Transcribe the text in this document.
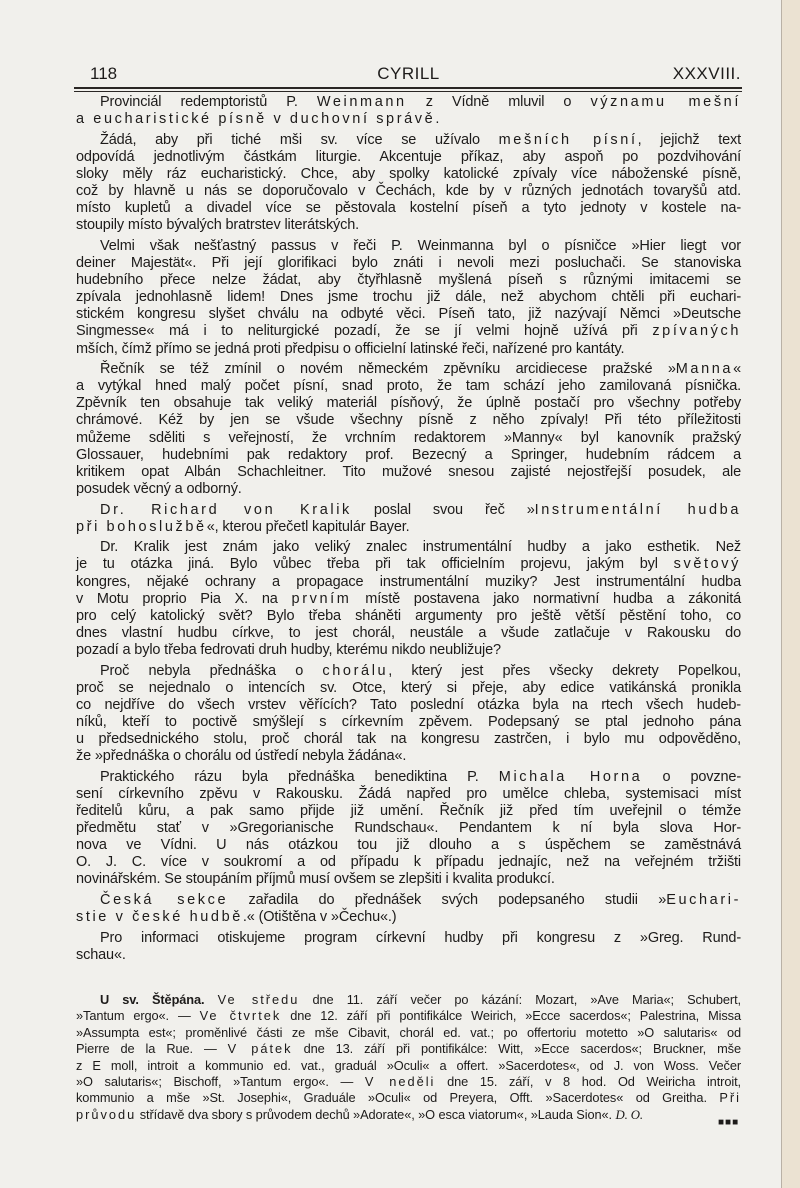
118	CYRILL	XXXVIII.
Provinciál redemptoristů P. Weinmann z Vídně mluvil o významu mešní
a eucharistické písně v duchovní správě.
Žádá, aby při tiché mši sv. více se užívalo mešních písní, jejichž text
odpovídá jednotlivým částkám liturgie. Akcentuje příkaz, aby aspoň po pozdvihování
sloky měly ráz eucharistický. Chce, aby spolky katolické zpívaly více náboženské písně,
což by hlavně u nás se doporučovalo v Čechách, kde by v různých jednotách tovaryšů atd.
místo kupletů a divadel více se pěstovala kostelní píseň a tyto jednoty v kostele na-
stoupily místo bývalých bratrstev literátských.
Velmi však nešťastný passus v řeči P. Weinmanna byl o písničce »Hier liegt vor
deiner Majestät«. Při její glorifikaci bylo znáti i nevoli mezi posluchači. Se stanoviska
hudebního přece nelze žádat, aby čtyřhlasně myšlená píseň s různými imitacemi se
zpívala jednohlasně lidem! Dnes jsme trochu již dále, než abychom chtěli při euchari-
stickém kongresu slyšet chválu na odbyté věci. Píseň tato, již nazývají Němci »Deutsche
Singmesse« má i to neliturgické pozadí, že se jí velmi hojně užívá při zpívaných
mších, čímž přímo se jedná proti předpisu o officielní latinské řeči, nařízené pro kantáty.
Řečník se též zmínil o novém německém zpěvníku arcidiecese pražské »Manna«
a vytýkal hned malý počet písní, snad proto, že tam schází jeho zamilovaná písnička.
Zpěvník ten obsahuje tak veliký materiál písňový, že úplně postačí pro všechny potřeby
chrámové. Kéž by jen se všude všechny písně z něho zpívaly! Při této příležitosti
můžeme sděliti s veřejností, že vrchním redaktorem »Manny« byl kanovník pražský
Glossauer, hudebními pak redaktory prof. Bezecný a Springer, hudebním rádcem a
kritikem opat Albán Schachleitner. Tito mužové snesou zajisté nejostřejší posudek, ale
posudek věcný a odborný.
Dr. Richard von Kralik poslal svou řeč »Instrumentální hudba
při bohoslužbě«, kterou přečetl kapitulár Bayer.
Dr. Kralik jest znám jako veliký znalec instrumentální hudby a jako esthetik. Než
je tu otázka jiná. Bylo vůbec třeba při tak officielním projevu, jakým byl světový
kongres, nějaké ochrany a propagace instrumentální muziky? Jest instrumentální hudba
v Motu proprio Pia X. na prvním místě postavena jako normativní hudba a zákonitá
pro celý katolický svět? Bylo třeba sháněti argumenty pro ještě větší pěstění toho, co
dnes vlastní hudbu církve, to jest chorál, neustále a všude zatlačuje v Rakousku do
pozadí a bylo třeba fedrovati druh hudby, kterému nikdo neubližuje?
Proč nebyla přednáška o chorálu, který jest přes všecky dekrety Popelkou,
proč se nejednalo o intencích sv. Otce, který si přeje, aby edice vatikánská pronikla
co nejdříve do všech vrstev věřících? Tato poslední otázka byla na rtech všech hudeb-
níků, kteří to poctivě smýšlejí s církevním zpěvem. Podepsaný se ptal jednoho pána
u předsednického stolu, proč chorál tak na kongresu zastrčen, i bylo mu odpověděno,
že »přednáška o chorálu od ústředí nebyla žádána«.
Praktického rázu byla přednáška benediktina P. Michala Horna o povzne-
sení církevního zpěvu v Rakousku. Žádá napřed pro umělce chleba, systemisaci míst
ředitelů kůru, a pak samo přijde již umění. Řečník již před tím uveřejnil o témže
předmětu stať v »Gregorianische Rundschau«. Pendantem k ní byla slova Hor-
nova ve Vídni. U nás otázkou tou již dlouho a s úspěchem se zaměstnává
O. J. C. více v soukromí a od případu k případu jednajíc, než na veřejném tržišti
novinářském. Se stoupáním příjmů musí ovšem se zlepšiti i kvalita produkcí.
Česká sekce zařadila do přednášek svých podepsaného studii »Euchari-
stie v české hudbě.« (Otištěna v »Čechu«.)
Pro informaci otiskujeme program církevní hudby při kongresu z »Greg. Rund-
schau«.
U sv. Štěpána. Ve středu dne 11. září večer po kázání: Mozart, »Ave Maria«; Schubert,
»Tantum ergo«. — Ve čtvrtek dne 12. září při pontifikálce Weirich, »Ecce sacerdos«; Palestrina, Missa
»Assumpta est«; proměnlivé části ze mše Cibavit, chorál ed. vat.; po offertoriu motetto »O salutaris« od
Pierre de la Rue. — V pátek dne 13. září při pontifikálce: Witt, »Ecce sacerdos«; Bruckner, mše
z E moll, introit a kommunio ed. vat., graduál »Oculi« a offert. »Sacerdotes«, od J. von Woss. Večer
»O salutaris«; Bischoff, »Tantum ergo«. — V neděli dne 15. září, v 8 hod. Od Weiricha introit,
kommunio a mše »St. Josephi«, Graduále »Oculi« od Preyera, Offt. »Sacerdotes« od Greitha. Při
průvodu střídavě dva sbory s průvodem dechů »Adorate«, »O esca viatorum«, »Lauda Sion«. D. O.
■■■
